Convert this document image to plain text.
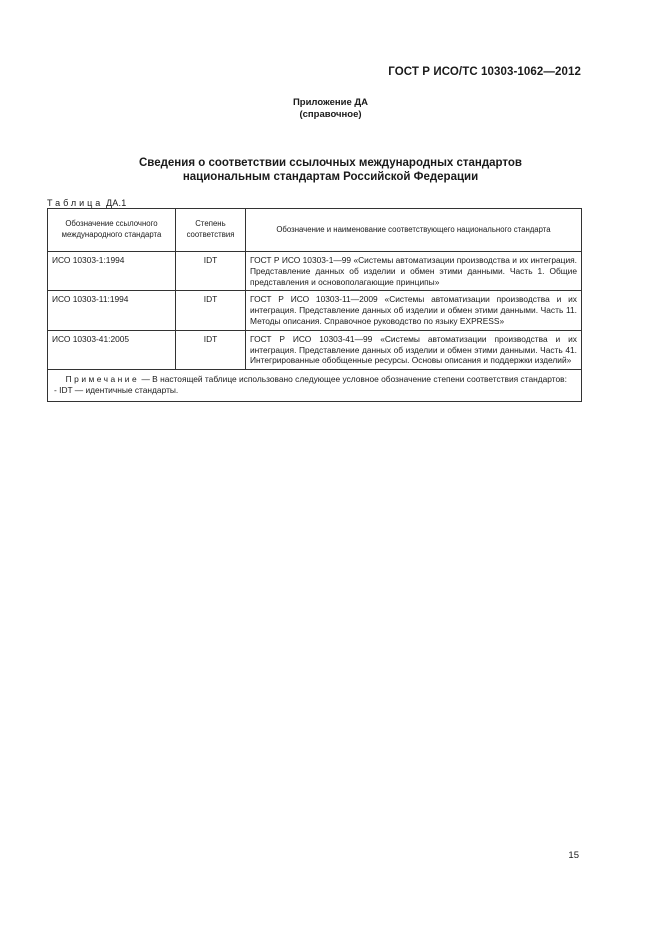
ГОСТ Р ИСО/ТС 10303-1062—2012
Приложение ДА
(справочное)
Сведения о соответствии ссылочных международных стандартов
национальным стандартам Российской Федерации
Таблица ДА.1
Обозначение ссылочного международного стандарта	Степень соответствия	Обозначение и наименование соответствующего национального стандарта
ИСО 10303-1:1994	IDT	ГОСТ Р ИСО 10303-1—99 «Системы автоматизации производства и их интеграция. Представление данных об изделии и обмен этими данными. Часть 1. Общие представления и основополагающие принципы»
ИСО 10303-11:1994	IDT	ГОСТ Р ИСО 10303-11—2009 «Системы автоматизации производства и их интеграция. Представление данных об изделии и обмен этими данными. Часть 11. Методы описания. Справочное руководство по языку EXPRESS»
ИСО 10303-41:2005	IDT	ГОСТ Р ИСО 10303-41—99 «Системы автоматизации производства и их интеграция. Представление данных об изделии и обмен этими данными. Часть 41. Интегрированные обобщенные ресурсы. Основы описания и поддержки изделий»

Примечание — В настоящей таблице использовано следующее условное обозначение степени соответствия стандартов:
- IDT — идентичные стандарты.		
15
